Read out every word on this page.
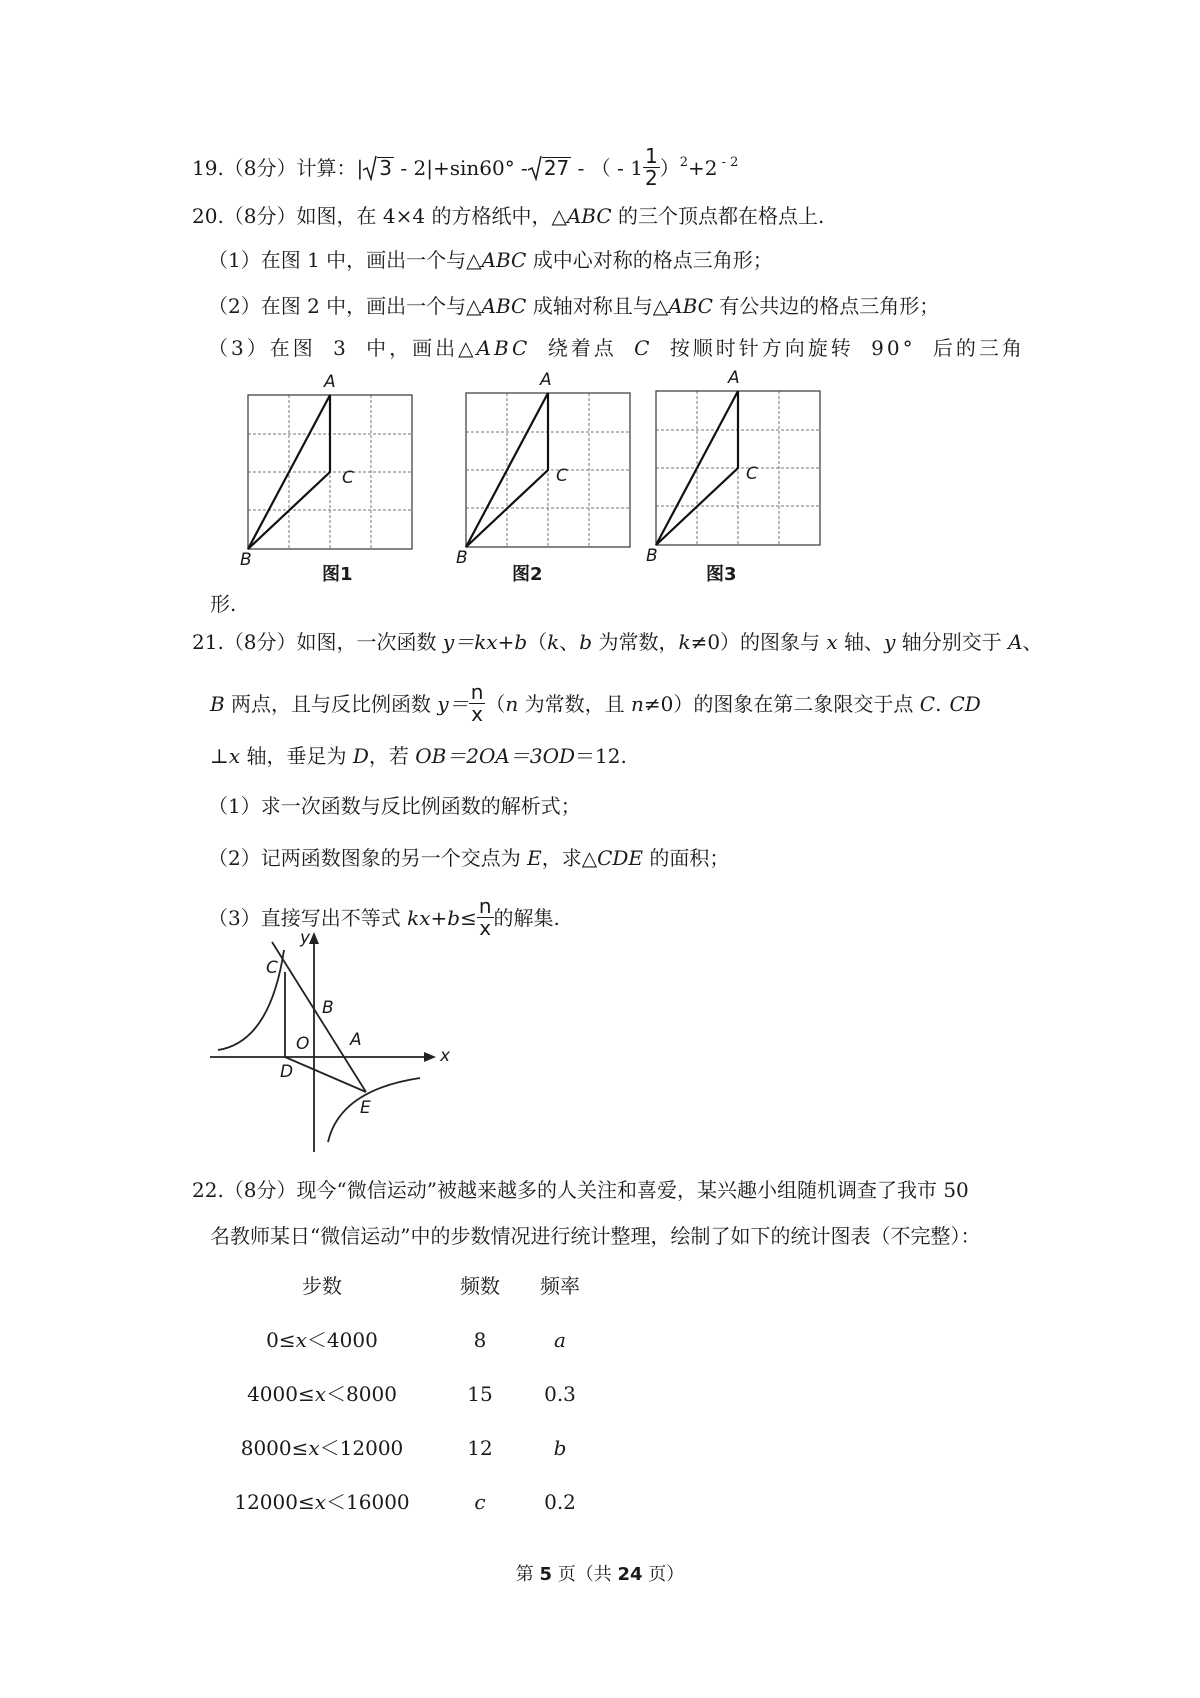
19.（8分）计算：| 3 - 2|+sin60° - 27 - （ - $1 \frac{1}{2} )^2+2$ $^{- 2}$
20.（8分）如图，在 4×4 的方格纸中，△ABC 的三个顶点都在格点上.
（1）在图 1 中，画出一个与△ABC 成中心对称的格点三角形；
（2）在图 2 中，画出一个与△ABC 成轴对称且与△ABC 有公共边的格点三角形；
（3）在图 3 中，画出△ABC 绕着点 C 按顺时针方向旋转 90° 后的三角
A
C
B
图1
A
C
B
图2
A
C
B
图3
形.
21.（8分）如图，一次函数 y＝kx+b（k、b 为常数，k≠0）的图象与 x 轴、y 轴分别交于 A、
B 两点，且与反比例函数 $y= \frac{n}{x} (n$ 为常数，且 n≠0）的图象在第二象限交于点 C. CD
⊥x 轴，垂足为 D，若 OB＝2OA＝3OD＝12.
（1）求一次函数与反比例函数的解析式；
（2）记两函数图象的另一个交点为 E，求△CDE 的面积；
（3）直接写出不等式 $kx+b\le \frac{n}{x}$ 的解集.
y
x
C
B
O A
D
E
22.（8分）现今“微信运动”被越来越多的人关注和喜爱，某兴趣小组随机调查了我市 50
名教师某日“微信运动”中的步数情况进行统计整理，绘制了如下的统计图表（不完整）：
步数	频数	频率
0≤x＜4000	8	a
4000≤x＜8000	15	0.3
8000≤x＜12000	12	b
12000≤x＜16000	c	0.2
第 5 页（共 24 页）
